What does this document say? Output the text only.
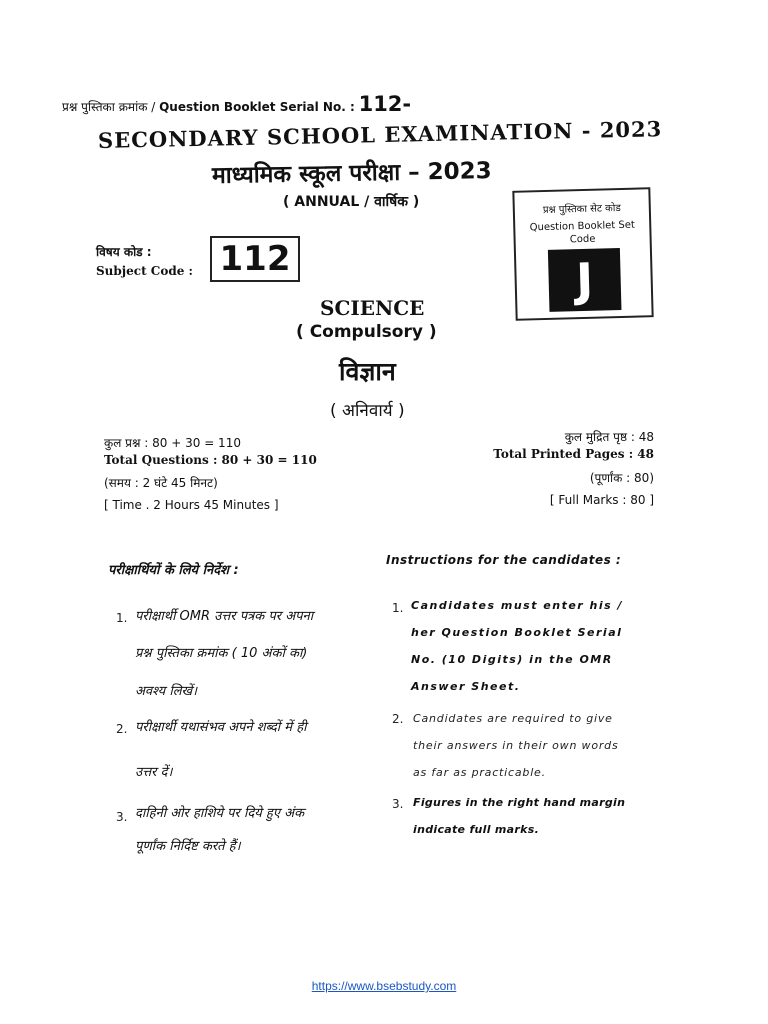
प्रश्न पुस्तिका क्रमांक / Question Booklet Serial No. : 112-
SECONDARY SCHOOL EXAMINATION - 2023
माध्यमिक स्कूल परीक्षा – 2023
( ANNUAL / वार्षिक )	प्रश्न पुस्तिका सेट कोड
Question Booklet Set Code
J
विषय कोड :
Subject Code : 112
SCIENCE
( Compulsory )
विज्ञान
( अनिवार्य )
कुल प्रश्न : 80 + 30 = 110
Total Questions : 80 + 30 = 110
(समय : 2 घंटे 45 मिनट)
[ Time . 2 Hours 45 Minutes ]
कुल मुद्रित पृष्ठ : 48
Total Printed Pages : 48
(पूर्णांक : 80)
[ Full Marks : 80 ]
परीक्षार्थियों के लिये निर्देश :
Instructions for the candidates :
1. परीक्षार्थी OMR उत्तर पत्रक पर अपना
प्रश्न पुस्तिका क्रमांक ( 10 अंकों का)
अवश्य लिखें।
2. परीक्षार्थी यथासंभव अपने शब्दों में ही
उत्तर दें।
3. दाहिनी ओर हाशिये पर दिये हुए अंक
पूर्णांक निर्दिष्ट करते हैं।
1. Candidates must enter his /
her Question Booklet Serial
No. (10 Digits) in the OMR
Answer Sheet.
2. Candidates are required to give
their answers in their own words
as far as practicable.
3. Figures in the right hand margin
indicate full marks.
https://www.bsebstudy.com
